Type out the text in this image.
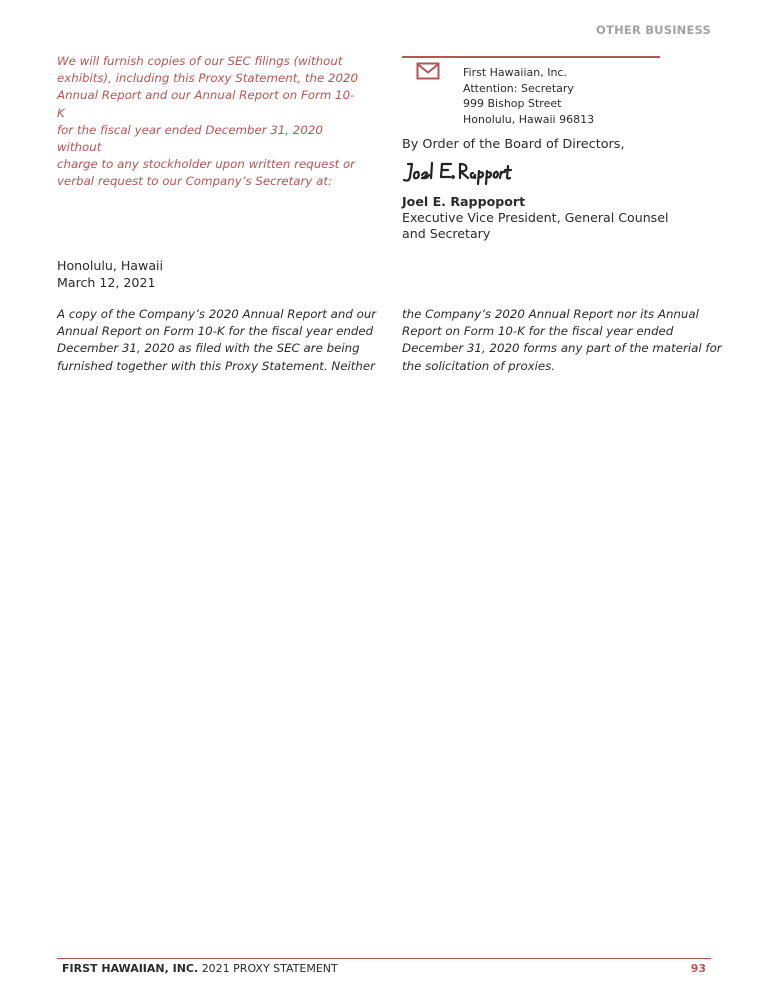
OTHER BUSINESS

We will furnish copies of our SEC filings (without

exhibits), including this Proxy Statement, the 2020

Annual Report and our Annual Report on Form 10-K

for the fiscal year ended December 31, 2020 without

charge to any stockholder upon written request or

verbal request to our Company’s Secretary at:

First Hawaiian, Inc.
Attention: Secretary
999 Bishop Street
Honolulu, Hawaii 96813
By Order of the Board of Directors,
Joel E. Rappoport
Executive Vice President, General Counsel
and Secretary
Honolulu, Hawaii
March 12, 2021
A copy of the Company’s 2020 Annual Report and our
Annual Report on Form 10-K for the fiscal year ended
December 31, 2020 as filed with the SEC are being
furnished together with this Proxy Statement. Neither
the Company’s 2020 Annual Report nor its Annual
Report on Form 10-K for the fiscal year ended
December 31, 2020 forms any part of the material for
the solicitation of proxies.
FIRST HAWAIIAN, INC. 2021 PROXY STATEMENT	93
